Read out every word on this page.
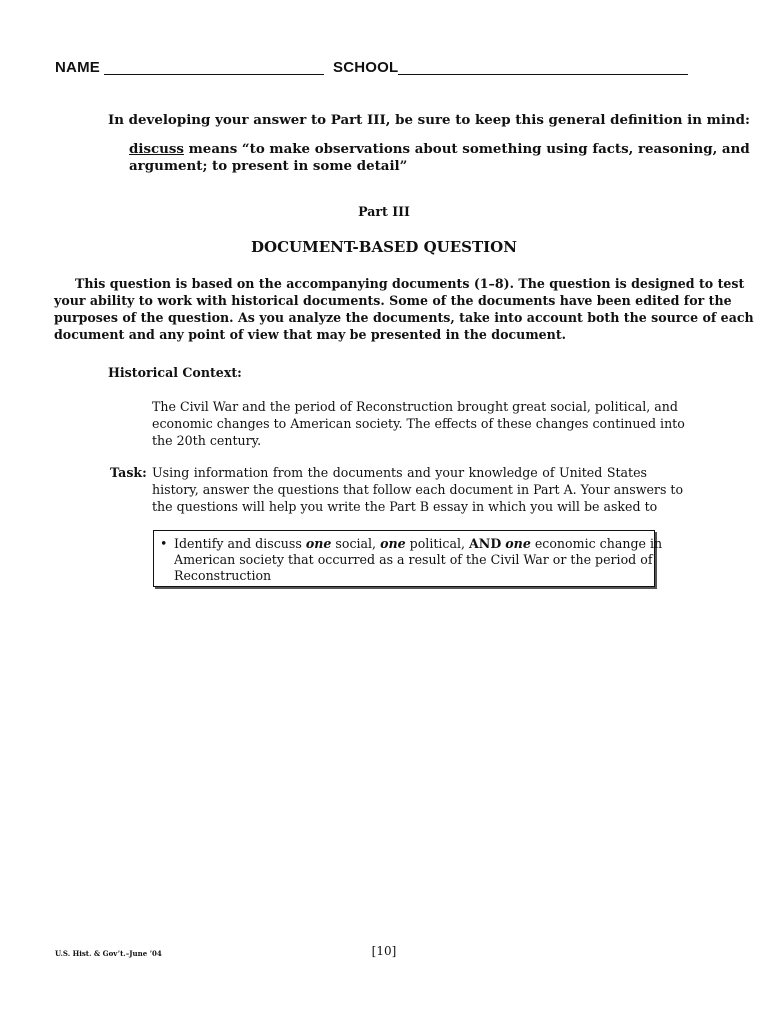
NAME	SCHOOL
In developing your answer to Part III, be sure to keep this general definition in mind:
discuss means “to make observations about something using facts, reasoning, and
argument; to present in some detail”
Part III
DOCUMENT-BASED QUESTION
This question is based on the accompanying documents (1–8). The question is designed to test
your ability to work with historical documents. Some of the documents have been edited for the
purposes of the question. As you analyze the documents, take into account both the source of each
document and any point of view that may be presented in the document.
Historical Context:
The Civil War and the period of Reconstruction brought great social, political, and
economic changes to American society. The effects of these changes continued into
the 20th century.
Task: Using information from the documents and your knowledge of United States
history, answer the questions that follow each document in Part A. Your answers to
the questions will help you write the Part B essay in which you will be asked to
• Identify and discuss one social, one political, AND one economic change in
American society that occurred as a result of the Civil War or the period of
Reconstruction
U.S. Hist. & Gov’t.–June ’04	[10]
